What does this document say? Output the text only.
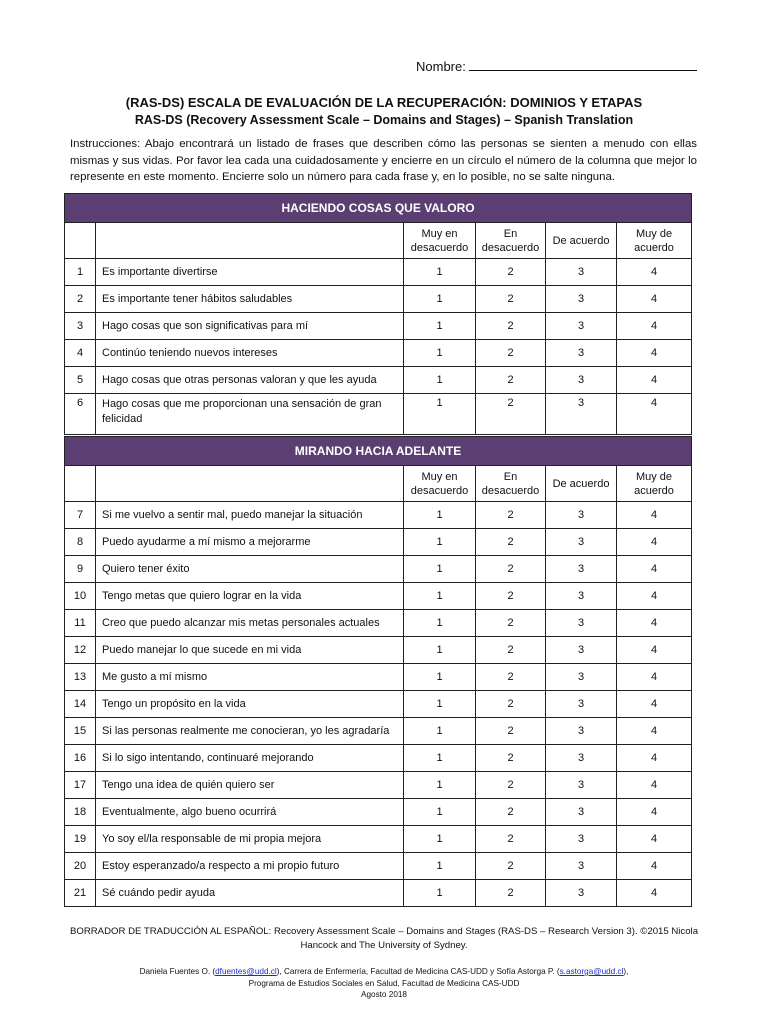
Nombre:
(RAS-DS) ESCALA DE EVALUACIÓN DE LA RECUPERACIÓN: DOMINIOS Y ETAPAS
RAS-DS (Recovery Assessment Scale – Domains and Stages) – Spanish Translation
Instrucciones: Abajo encontrará un listado de frases que describen cómo las personas se sienten a menudo con ellas mismas y sus vidas. Por favor lea cada una cuidadosamente y encierre en un círculo el número de la columna que mejor lo represente en este momento. Encierre solo un número para cada frase y, en lo posible, no se salte ninguna.
HACIENDO COSAS QUE VALORO					
		Muy en desacuerdo	En desacuerdo	De acuerdo	Muy de acuerdo
1	Es importante divertirse	1	2	3	4
2	Es importante tener hábitos saludables	1	2	3	4
3	Hago cosas que son significativas para mí	1	2	3	4
4	Continúo teniendo nuevos intereses	1	2	3	4
5	Hago cosas que otras personas valoran y que les ayuda	1	2	3	4
6	Hago cosas que me proporcionan una sensación de gran felicidad	1	2	3	4
MIRANDO HACIA ADELANTE					
		Muy en desacuerdo	En desacuerdo	De acuerdo	Muy de acuerdo
7	Si me vuelvo a sentir mal, puedo manejar la situación	1	2	3	4
8	Puedo ayudarme a mí mismo a mejorarme	1	2	3	4
9	Quiero tener éxito	1	2	3	4
10	Tengo metas que quiero lograr en la vida	1	2	3	4
11	Creo que puedo alcanzar mis metas personales actuales	1	2	3	4
12	Puedo manejar lo que sucede en mi vida	1	2	3	4
13	Me gusto a mí mismo	1	2	3	4
14	Tengo un propósito en la vida	1	2	3	4
15	Si las personas realmente me conocieran, yo les agradaría	1	2	3	4
16	Si lo sigo intentando, continuaré mejorando	1	2	3	4
17	Tengo una idea de quién quiero ser	1	2	3	4
18	Eventualmente, algo bueno ocurrirá	1	2	3	4
19	Yo soy el/la responsable de mi propia mejora	1	2	3	4
20	Estoy esperanzado/a respecto a mi propio futuro	1	2	3	4
21	Sé cuándo pedir ayuda	1	2	3	4
BORRADOR DE TRADUCCIÓN AL ESPAÑOL: Recovery Assessment Scale – Domains and Stages (RAS-DS – Research Version 3). ©2015 Nicola Hancock and The University of Sydney.
Daniela Fuentes O. (dfuentes@udd.cl), Carrera de Enfermería, Facultad de Medicina CAS-UDD y Sofía Astorga P. (s.astorga@udd.cl),
Programa de Estudios Sociales en Salud, Facultad de Medicina CAS-UDD
Agosto 2018
